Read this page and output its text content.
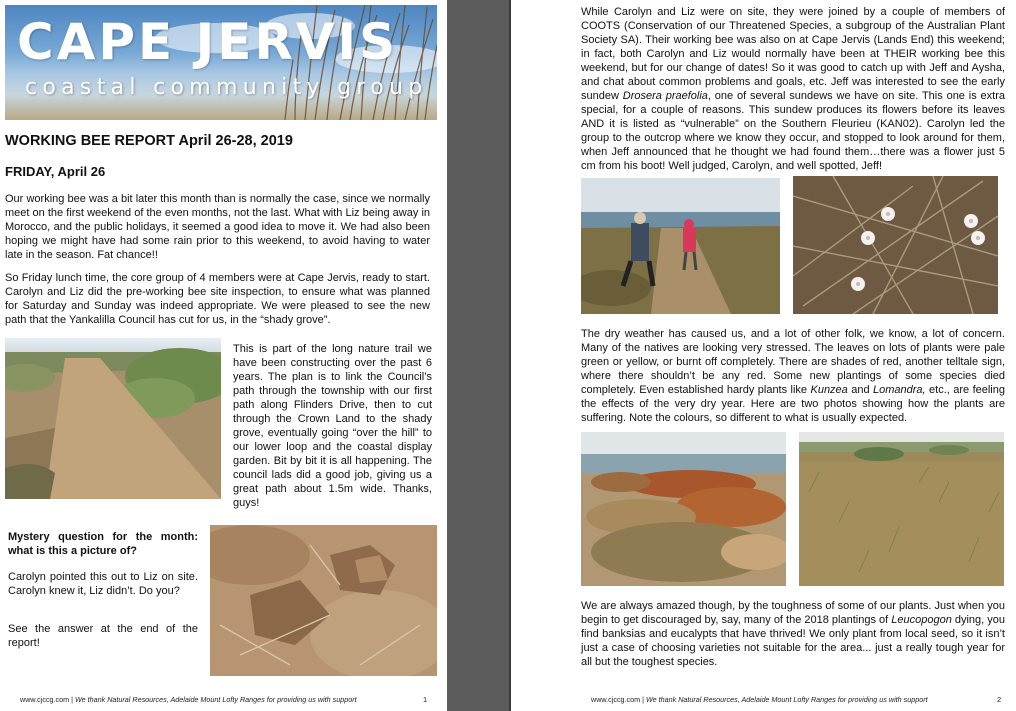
CAPE JERVIS
coastal community group
WORKING BEE REPORT April 26-28, 2019
FRIDAY, April 26
Our working bee was a bit later this month than is normally the case, since we normally meet on the first weekend of the even months, not the last. What with Liz being away in Morocco, and the public holidays, it seemed a good idea to move it. We had also been hoping we might have had some rain prior to this weekend, to avoid having to water late in the season. Fat chance!!
So Friday lunch time, the core group of 4 members were at Cape Jervis, ready to start. Carolyn and Liz did the pre-working bee site inspection, to ensure what was planned for Saturday and Sunday was indeed appropriate. We were pleased to see the new path that the Yankalilla Council has cut for us, in the “shady grove”.
This is part of the long nature trail we have been constructing over the past 6 years. The plan is to link the Council’s path through the township with our first path along Flinders Drive, then to cut through the Crown Land to the shady grove, eventually going “over the hill” to our lower loop and the coastal display garden. Bit by bit it is all happening. The council lads did a good job, giving us a great path about 1.5m wide. Thanks, guys!
Mystery question for the month: what is this a picture of?
Carolyn pointed this out to Liz on site. Carolyn knew it, Liz didn’t. Do you?
See the answer at the end of the report!
www.cjccg.com | We thank Natural Resources, Adelaide Mount Lofty Ranges for providing us with support	1
While Carolyn and Liz were on site, they were joined by a couple of members of COOTS (Conservation of our Threatened Species, a subgroup of the Australian Plant Society SA). Their working bee was also on at Cape Jervis (Lands End) this weekend; in fact, both Carolyn and Liz would normally have been at THEIR working bee this weekend, but for our change of dates! So it was good to catch up with Jeff and Aysha, and chat about common problems and goals, etc. Jeff was interested to see the early sundew Drosera praefolia, one of several sundews we have on site. This one is extra special, for a couple of reasons. This sundew produces its flowers before its leaves AND it is listed as “vulnerable” on the Southern Fleurieu (KAN02). Carolyn led the group to the outcrop where we know they occur, and stopped to look around for them, when Jeff announced that he thought we had found them…there was a flower just 5 cm from his boot! Well judged, Carolyn, and well spotted, Jeff!
The dry weather has caused us, and a lot of other folk, we know, a lot of concern. Many of the natives are looking very stressed. The leaves on lots of plants were pale green or yellow, or burnt off completely. There are shades of red, another telltale sign, where there shouldn’t be any red. Some new plantings of some species died completely. Even established hardy plants like Kunzea and Lomandra, etc., are feeling the effects of the very dry year. Here are two photos showing how the plants are suffering. Note the colours, so different to what is usually expected.
We are always amazed though, by the toughness of some of our plants. Just when you begin to get discouraged by, say, many of the 2018 plantings of Leucopogon dying, you find banksias and eucalypts that have thrived! We only plant from local seed, so it isn’t just a case of choosing varieties not suitable for the area... just a really tough year for all but the toughest species.
www.cjccg.com | We thank Natural Resources, Adelaide Mount Lofty Ranges for providing us with support	2
